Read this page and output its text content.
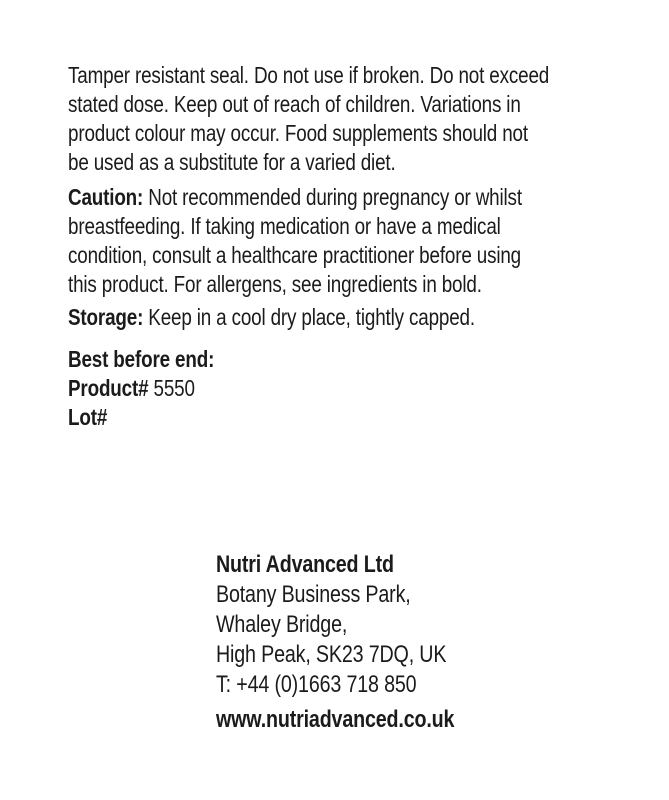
Tamper resistant seal. Do not use if broken. Do not exceed
stated dose. Keep out of reach of children. Variations in
product colour may occur. Food supplements should not
be used as a substitute for a varied diet.
Caution: Not recommended during pregnancy or whilst
breastfeeding. If taking medication or have a medical
condition, consult a healthcare practitioner before using
this product. For allergens, see ingredients in bold.
Storage: Keep in a cool dry place, tightly capped.
Best before end:
Product# 5550
Lot#
Nutri Advanced Ltd
Botany Business Park,
Whaley Bridge,
High Peak, SK23 7DQ, UK
T: +44 (0)1663 718 850
www.nutriadvanced.co.uk
